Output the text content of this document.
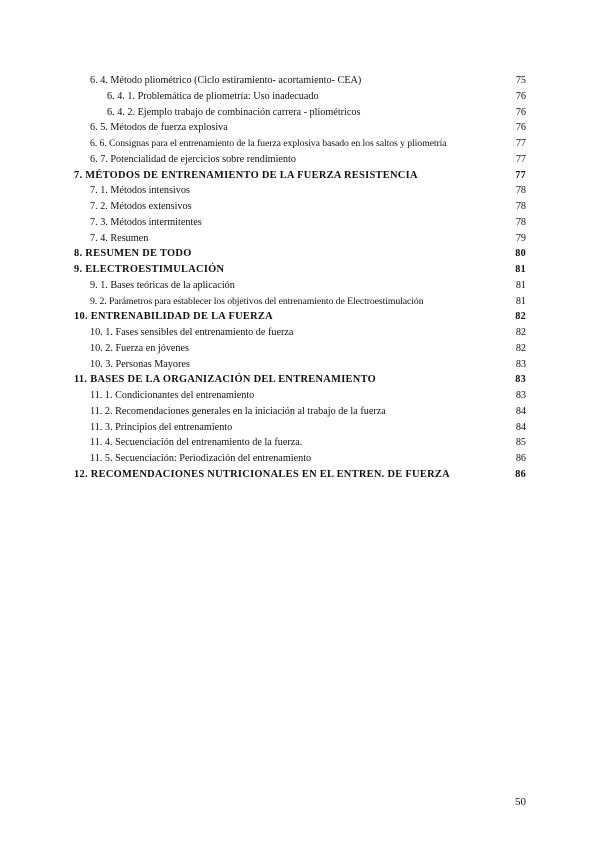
6. 4. Método pliométrico (Ciclo estiramiento- acortamiento- CEA)	75
6. 4. 1. Problemática de pliometría: Uso inadecuado	76
6. 4. 2. Ejemplo trabajo de combinación carrera - pliométricos	76
6. 5. Métodos de fuerza explosiva	76
6. 6. Consignas para el entrenamiento de la fuerza explosiva basado en los saltos y pliometría	77
6. 7. Potencialidad de ejercicios sobre rendimiento	77
7. MÉTODOS DE ENTRENAMIENTO DE LA FUERZA RESISTENCIA	77
7. 1. Métodos intensivos	78
7. 2. Métodos extensivos	78
7. 3. Métodos intermitentes	78
7. 4. Resumen	79
8. RESUMEN DE TODO	80
9. ELECTROESTIMULACIÓN	81
9. 1. Bases teóricas de la aplicación	81
9. 2. Parámetros para establecer los objetivos del entrenamiento de Electroestimulación	81
10. ENTRENABILIDAD DE LA FUERZA	82
10. 1. Fases sensibles del entrenamiento de fuerza	82
10. 2. Fuerza en jóvenes	82
10. 3. Personas Mayores	83
11. BASES DE LA ORGANIZACIÓN DEL ENTRENAMIENTO	83
11. 1. Condicionantes del entrenamiento	83
11. 2. Recomendaciones generales en la iniciación al trabajo de la fuerza	84
11. 3. Principios del entrenamiento	84
11. 4. Secuenciación del entrenamiento de la fuerza.	85
11. 5. Secuenciación: Periodización del entrenamiento	86
12. RECOMENDACIONES NUTRICIONALES EN EL ENTREN. DE FUERZA	86
50
